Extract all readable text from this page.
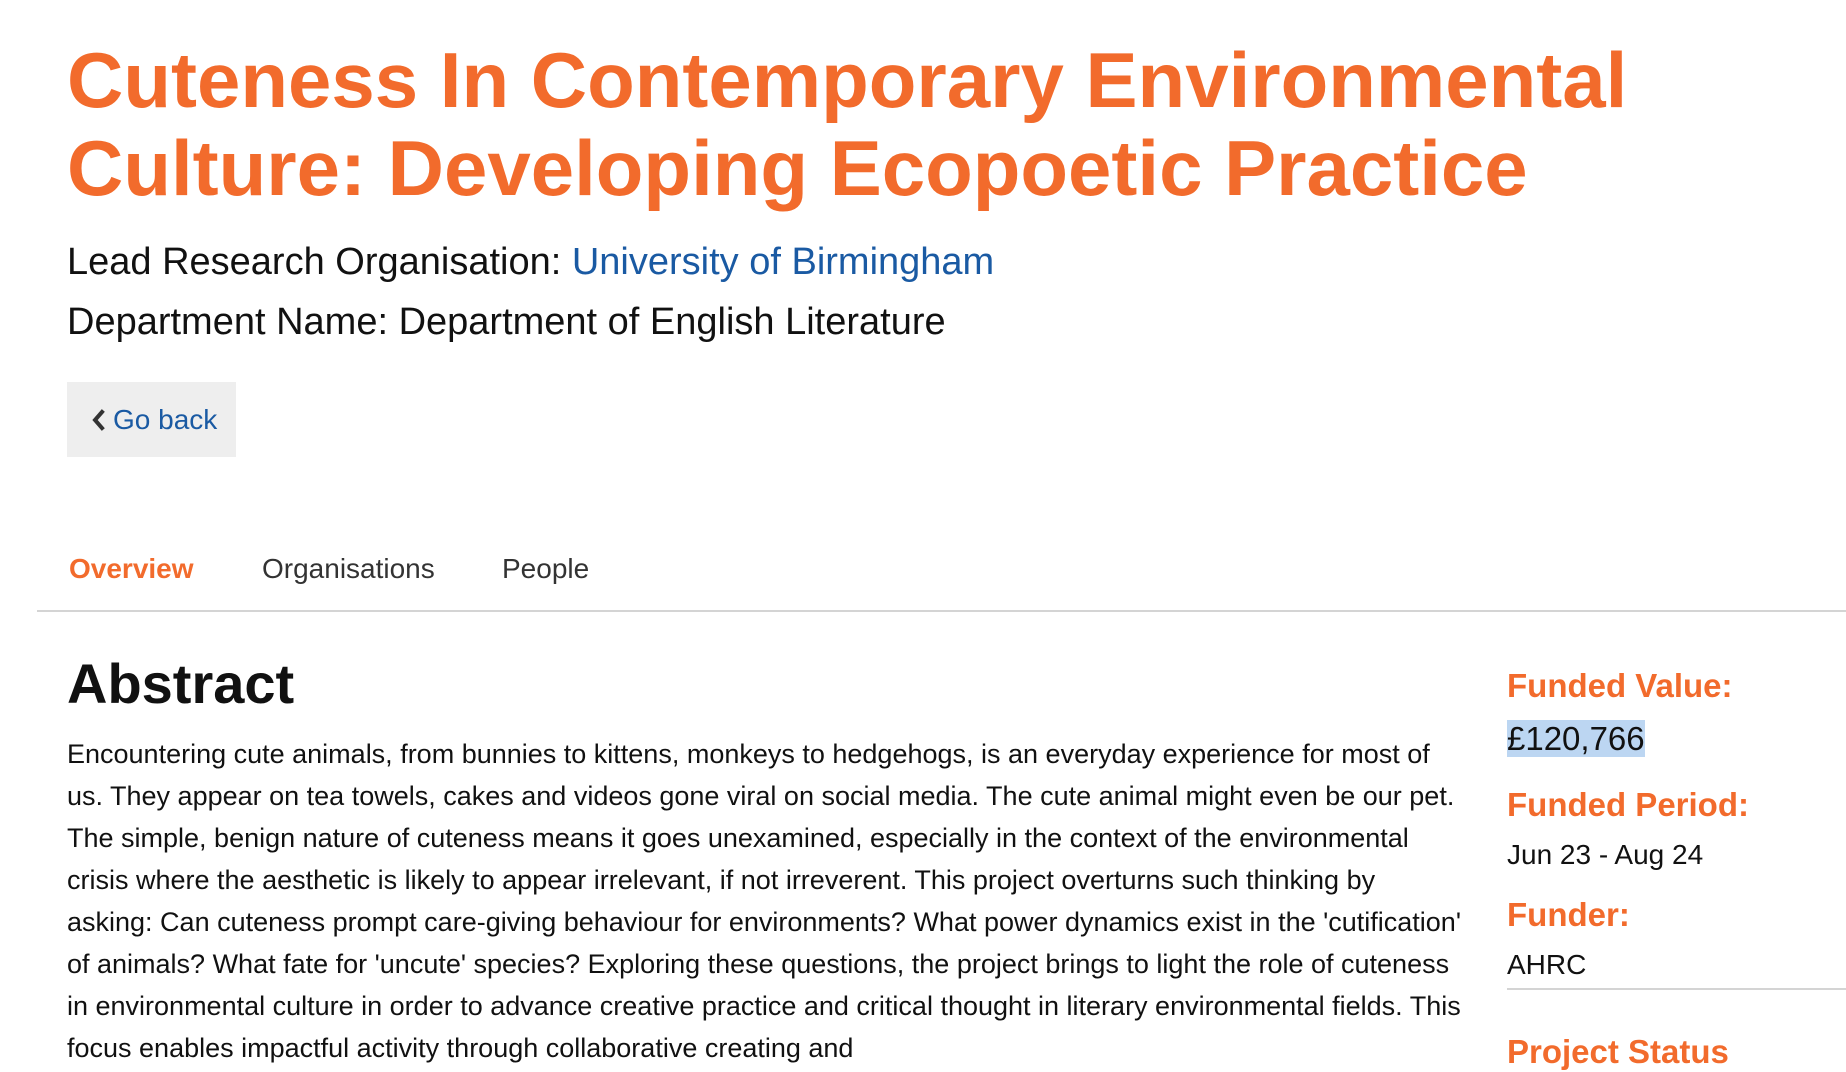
Cuteness In Contemporary Environmental Culture: Developing Ecopoetic Practice
Lead Research Organisation: University of Birmingham
Department Name: Department of English Literature
Go back
Overview Organisations People
Abstract

Encountering cute animals, from bunnies to kittens, monkeys to hedgehogs, is an everyday experience for most of us. They appear on tea towels, cakes and videos gone viral on social media. The cute animal might even be our pet. The simple, benign nature of cuteness means it goes unexamined, especially in the context of the environmental crisis where the aesthetic is likely to appear irrelevant, if not irreverent. This project overturns such thinking by asking: Can cuteness prompt care-giving behaviour for environments? What power dynamics exist in the 'cutification' of animals? What fate for 'uncute' species? Exploring these questions, the project brings to light the role of cuteness in environmental culture in order to advance creative practice and critical thought in literary environmental fields. This focus enables impactful activity through collaborative creating and

Funded Value:
£120,766
Funded Period:
Jun 23 - Aug 24
Funder:
AHRC
Project Status
